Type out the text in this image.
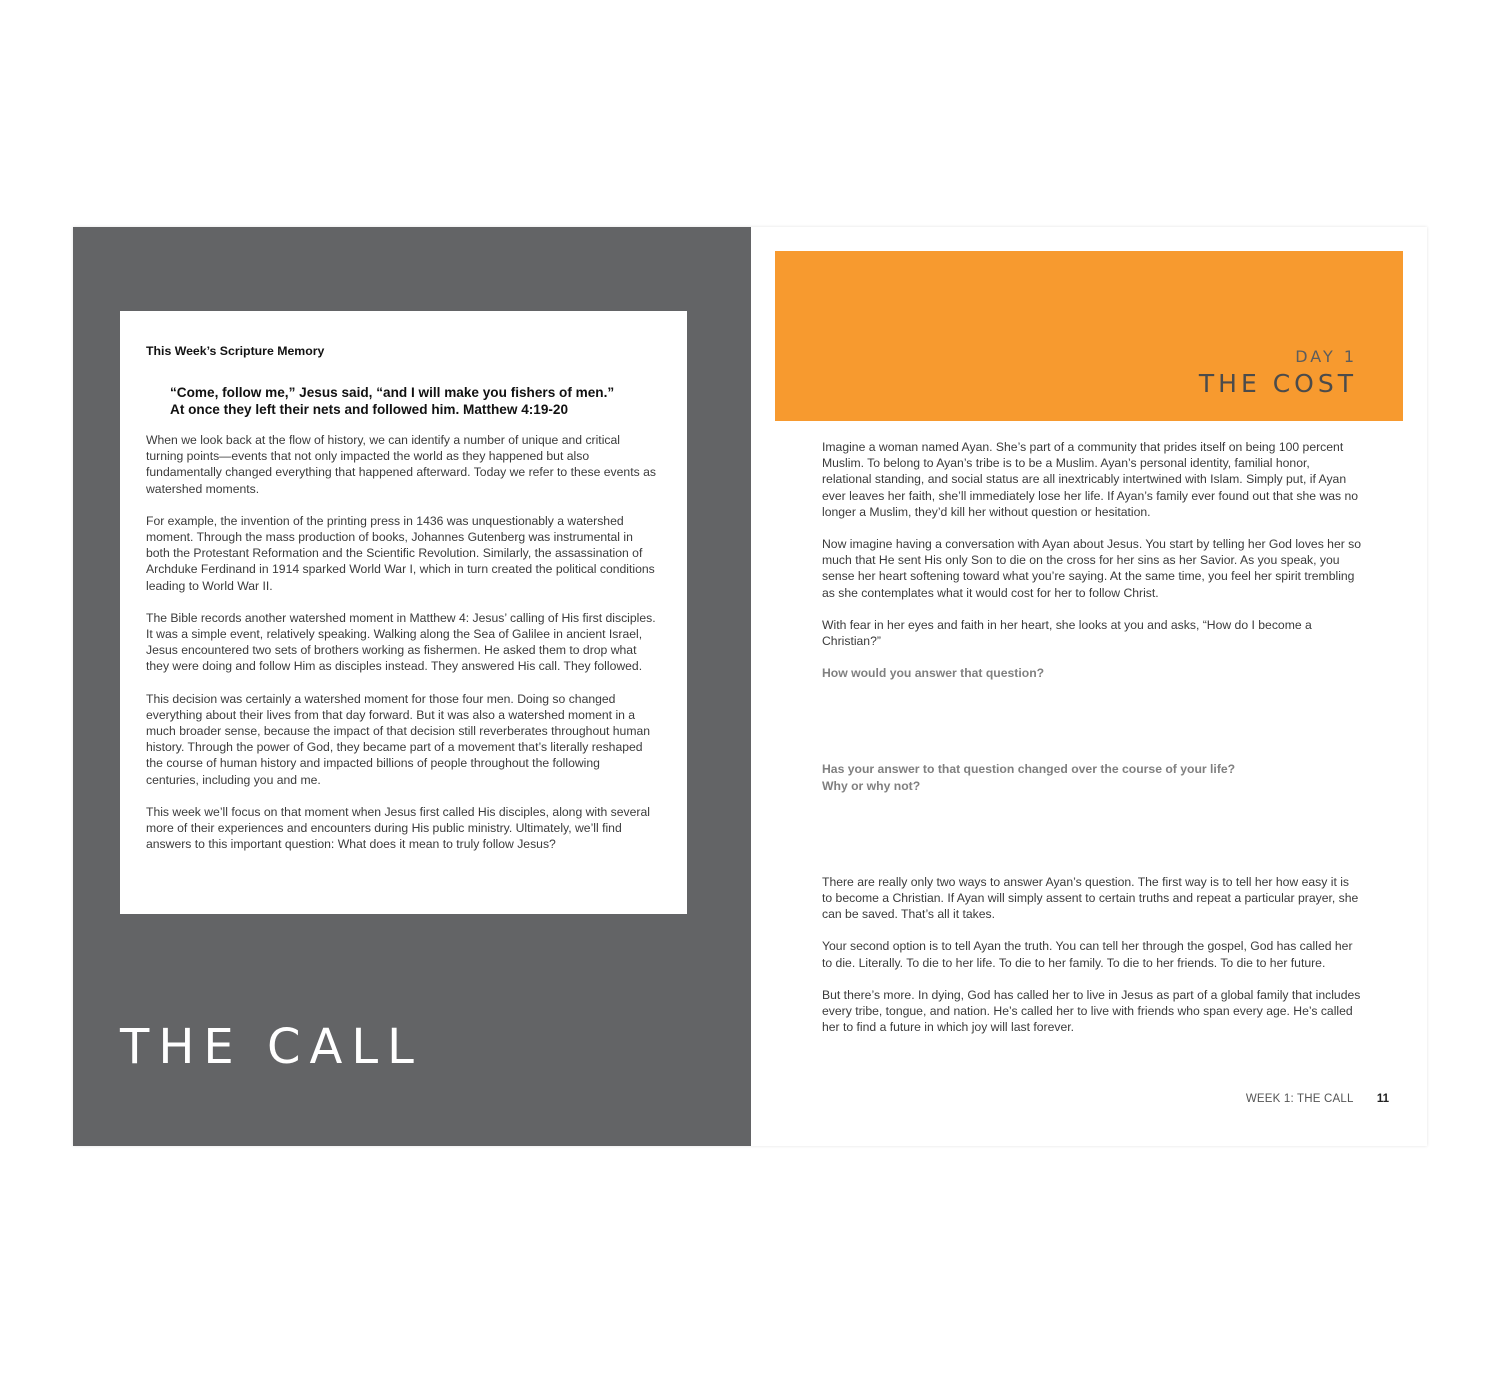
This Week’s Scripture Memory
“Come, follow me,” Jesus said, “and I will make you fishers of men.”
At once they left their nets and followed him. Matthew 4:19-20

When we look back at the flow of history, we can identify a number of unique and critical turning points—events that not only impacted the world as they happened but also fundamentally changed everything that happened afterward. Today we refer to these events as watershed moments.

For example, the invention of the printing press in 1436 was unquestionably a watershed moment. Through the mass production of books, Johannes Gutenberg was instrumental in both the Protestant Reformation and the Scientific Revolution. Similarly, the assassination of Archduke Ferdinand in 1914 sparked World War I, which in turn created the political conditions leading to World War II.

The Bible records another watershed moment in Matthew 4: Jesus’ calling of His first disciples. It was a simple event, relatively speaking. Walking along the Sea of Galilee in ancient Israel, Jesus encountered two sets of brothers working as fishermen. He asked them to drop what they were doing and follow Him as disciples instead. They answered His call. They followed.

This decision was certainly a watershed moment for those four men. Doing so changed everything about their lives from that day forward. But it was also a watershed moment in a much broader sense, because the impact of that decision still reverberates throughout human history. Through the power of God, they became part of a movement that’s literally reshaped the course of human history and impacted billions of people throughout the following centuries, including you and me.

This week we’ll focus on that moment when Jesus first called His disciples, along with several more of their experiences and encounters during His public ministry. Ultimately, we’ll find answers to this important question: What does it mean to truly follow Jesus?

THE CALL
DAY 1
THE COST

Imagine a woman named Ayan. She’s part of a community that prides itself on being 100 percent Muslim. To belong to Ayan’s tribe is to be a Muslim. Ayan’s personal identity, familial honor, relational standing, and social status are all inextricably intertwined with Islam. Simply put, if Ayan ever leaves her faith, she’ll immediately lose her life. If Ayan’s family ever found out that she was no longer a Muslim, they’d kill her without question or hesitation.

Now imagine having a conversation with Ayan about Jesus. You start by telling her God loves her so much that He sent His only Son to die on the cross for her sins as her Savior. As you speak, you sense her heart softening toward what you’re saying. At the same time, you feel her spirit trembling as she contemplates what it would cost for her to follow Christ.

With fear in her eyes and faith in her heart, she looks at you and asks, “How do I become a Christian?”

How would you answer that question?

Has your answer to that question changed over the course of your life?
Why or why not?

There are really only two ways to answer Ayan’s question. The first way is to tell her how easy it is to become a Christian. If Ayan will simply assent to certain truths and repeat a particular prayer, she can be saved. That’s all it takes.

Your second option is to tell Ayan the truth. You can tell her through the gospel, God has called her to die. Literally. To die to her life. To die to her family. To die to her friends. To die to her future.

But there’s more. In dying, God has called her to live in Jesus as part of a global family that includes every tribe, tongue, and nation. He’s called her to live with friends who span every age. He’s called her to find a future in which joy will last forever.

WEEK 1: THE CALL 11
